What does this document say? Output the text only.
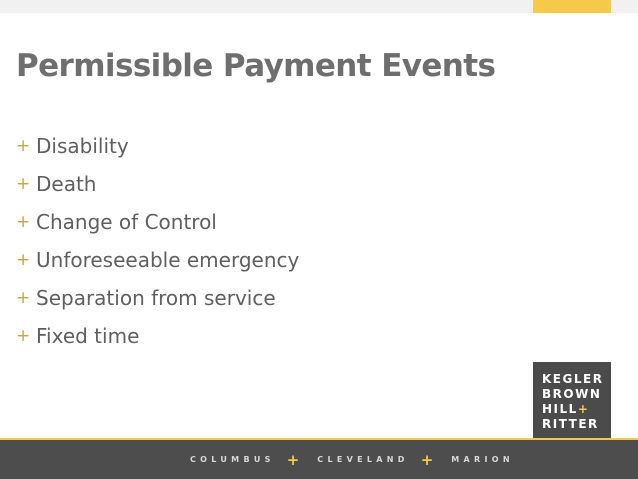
Permissible Payment Events
+ Disability
+ Death
+ Change of Control
+ Unforeseeable emergency
+ Separation from service
+ Fixed time
KEGLER
BROWN
HILL+
RITTER
COLUMBUS + CLEVELAND + MARION
